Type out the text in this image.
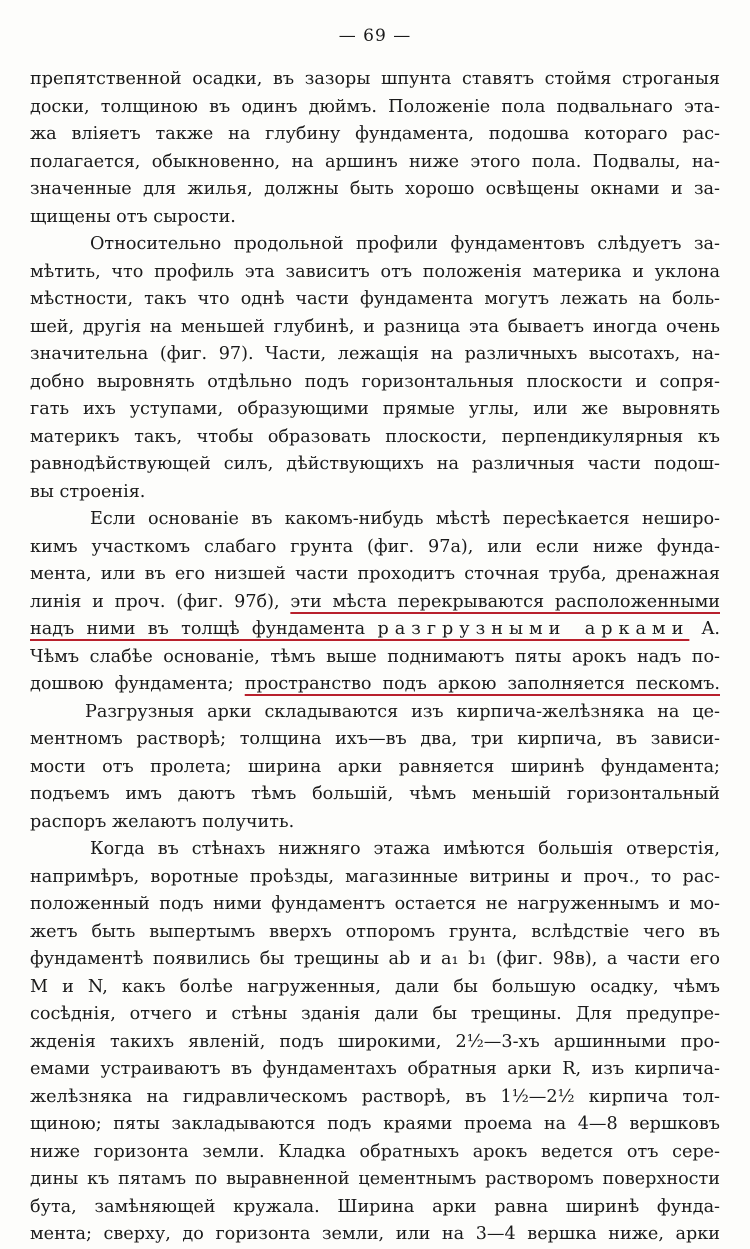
— 69 —
препятственной осадки, въ зазоры шпунта ставятъ стоймя строганыя
доски, толщиною въ одинъ дюймъ. Положеніе пола подвальнаго эта-
жа вліяетъ также на глубину фундамента, подошва котораго рас-
полагается, обыкновенно, на аршинъ ниже этого пола. Подвалы, на-
значенные для жилья, должны быть хорошо освѣщены окнами и за-
щищены отъ сырости.
Относительно продольной профили фундаментовъ слѣдуетъ за-
мѣтить, что профиль эта зависитъ отъ положенія материка и уклона
мѣстности, такъ что однѣ части фундамента могутъ лежать на боль-
шей, другія на меньшей глубинѣ, и разница эта бываетъ иногда очень
значительна (фиг. 97). Части, лежащія на различныхъ высотахъ, на-
добно выровнять отдѣльно подъ горизонтальныя плоскости и сопря-
гать ихъ уступами, образующими прямые углы, или же выровнять
материкъ такъ, чтобы образовать плоскости, перпендикулярныя къ
равнодѣйствующей силъ, дѣйствующихъ на различныя части подош-
вы строенія.
Если основаніе въ какомъ-нибудь мѣстѣ пересѣкается неширо-
кимъ участкомъ слабаго грунта (фиг. 97а), или если ниже фунда-
мента, или въ его низшей части проходитъ сточная труба, дренажная
линія и проч. (фиг. 97б), эти мѣста перекрываются расположенными
надъ ними въ толщѣ фундамента разгрузными арками A.
Чѣмъ слабѣе основаніе, тѣмъ выше поднимаютъ пяты арокъ надъ по-
дошвою фундамента; пространство подъ аркою заполняется пескомъ.
Разгрузныя арки складываются изъ кирпича-желѣзняка на це-
ментномъ растворѣ; толщина ихъ—въ два, три кирпича, въ зависи-
мости отъ пролета; ширина арки равняется ширинѣ фундамента;
подъемъ имъ даютъ тѣмъ большій, чѣмъ меньшій горизонтальный
распоръ желаютъ получить.
Когда въ стѣнахъ нижняго этажа имѣются большія отверстія,
напримѣръ, воротные проѣзды, магазинные витрины и проч., то рас-
положенный подъ ними фундаментъ остается не нагруженнымъ и мо-
жетъ быть выпертымъ вверхъ отпоромъ грунта, вслѣдствіе чего въ
фундаментѣ появились бы трещины ab и a₁ b₁ (фиг. 98в), а части его
M и N, какъ болѣе нагруженныя, дали бы большую осадку, чѣмъ
сосѣднія, отчего и стѣны зданія дали бы трещины. Для предупре-
жденія такихъ явленій, подъ широкими, 2½—3-хъ аршинными про-
емами устраиваютъ въ фундаментахъ обратныя арки R, изъ кирпича-
желѣзняка на гидравлическомъ растворѣ, въ 1½—2½ кирпича тол-
щиною; пяты закладываются подъ краями проема на 4—8 вершковъ
ниже горизонта земли. Кладка обратныхъ арокъ ведется отъ сере-
дины къ пятамъ по выравненной цементнымъ растворомъ поверхности
бута, замѣняющей кружала. Ширина арки равна ширинѣ фунда-
мента; сверху, до горизонта земли, или на 3—4 вершка ниже, арки
